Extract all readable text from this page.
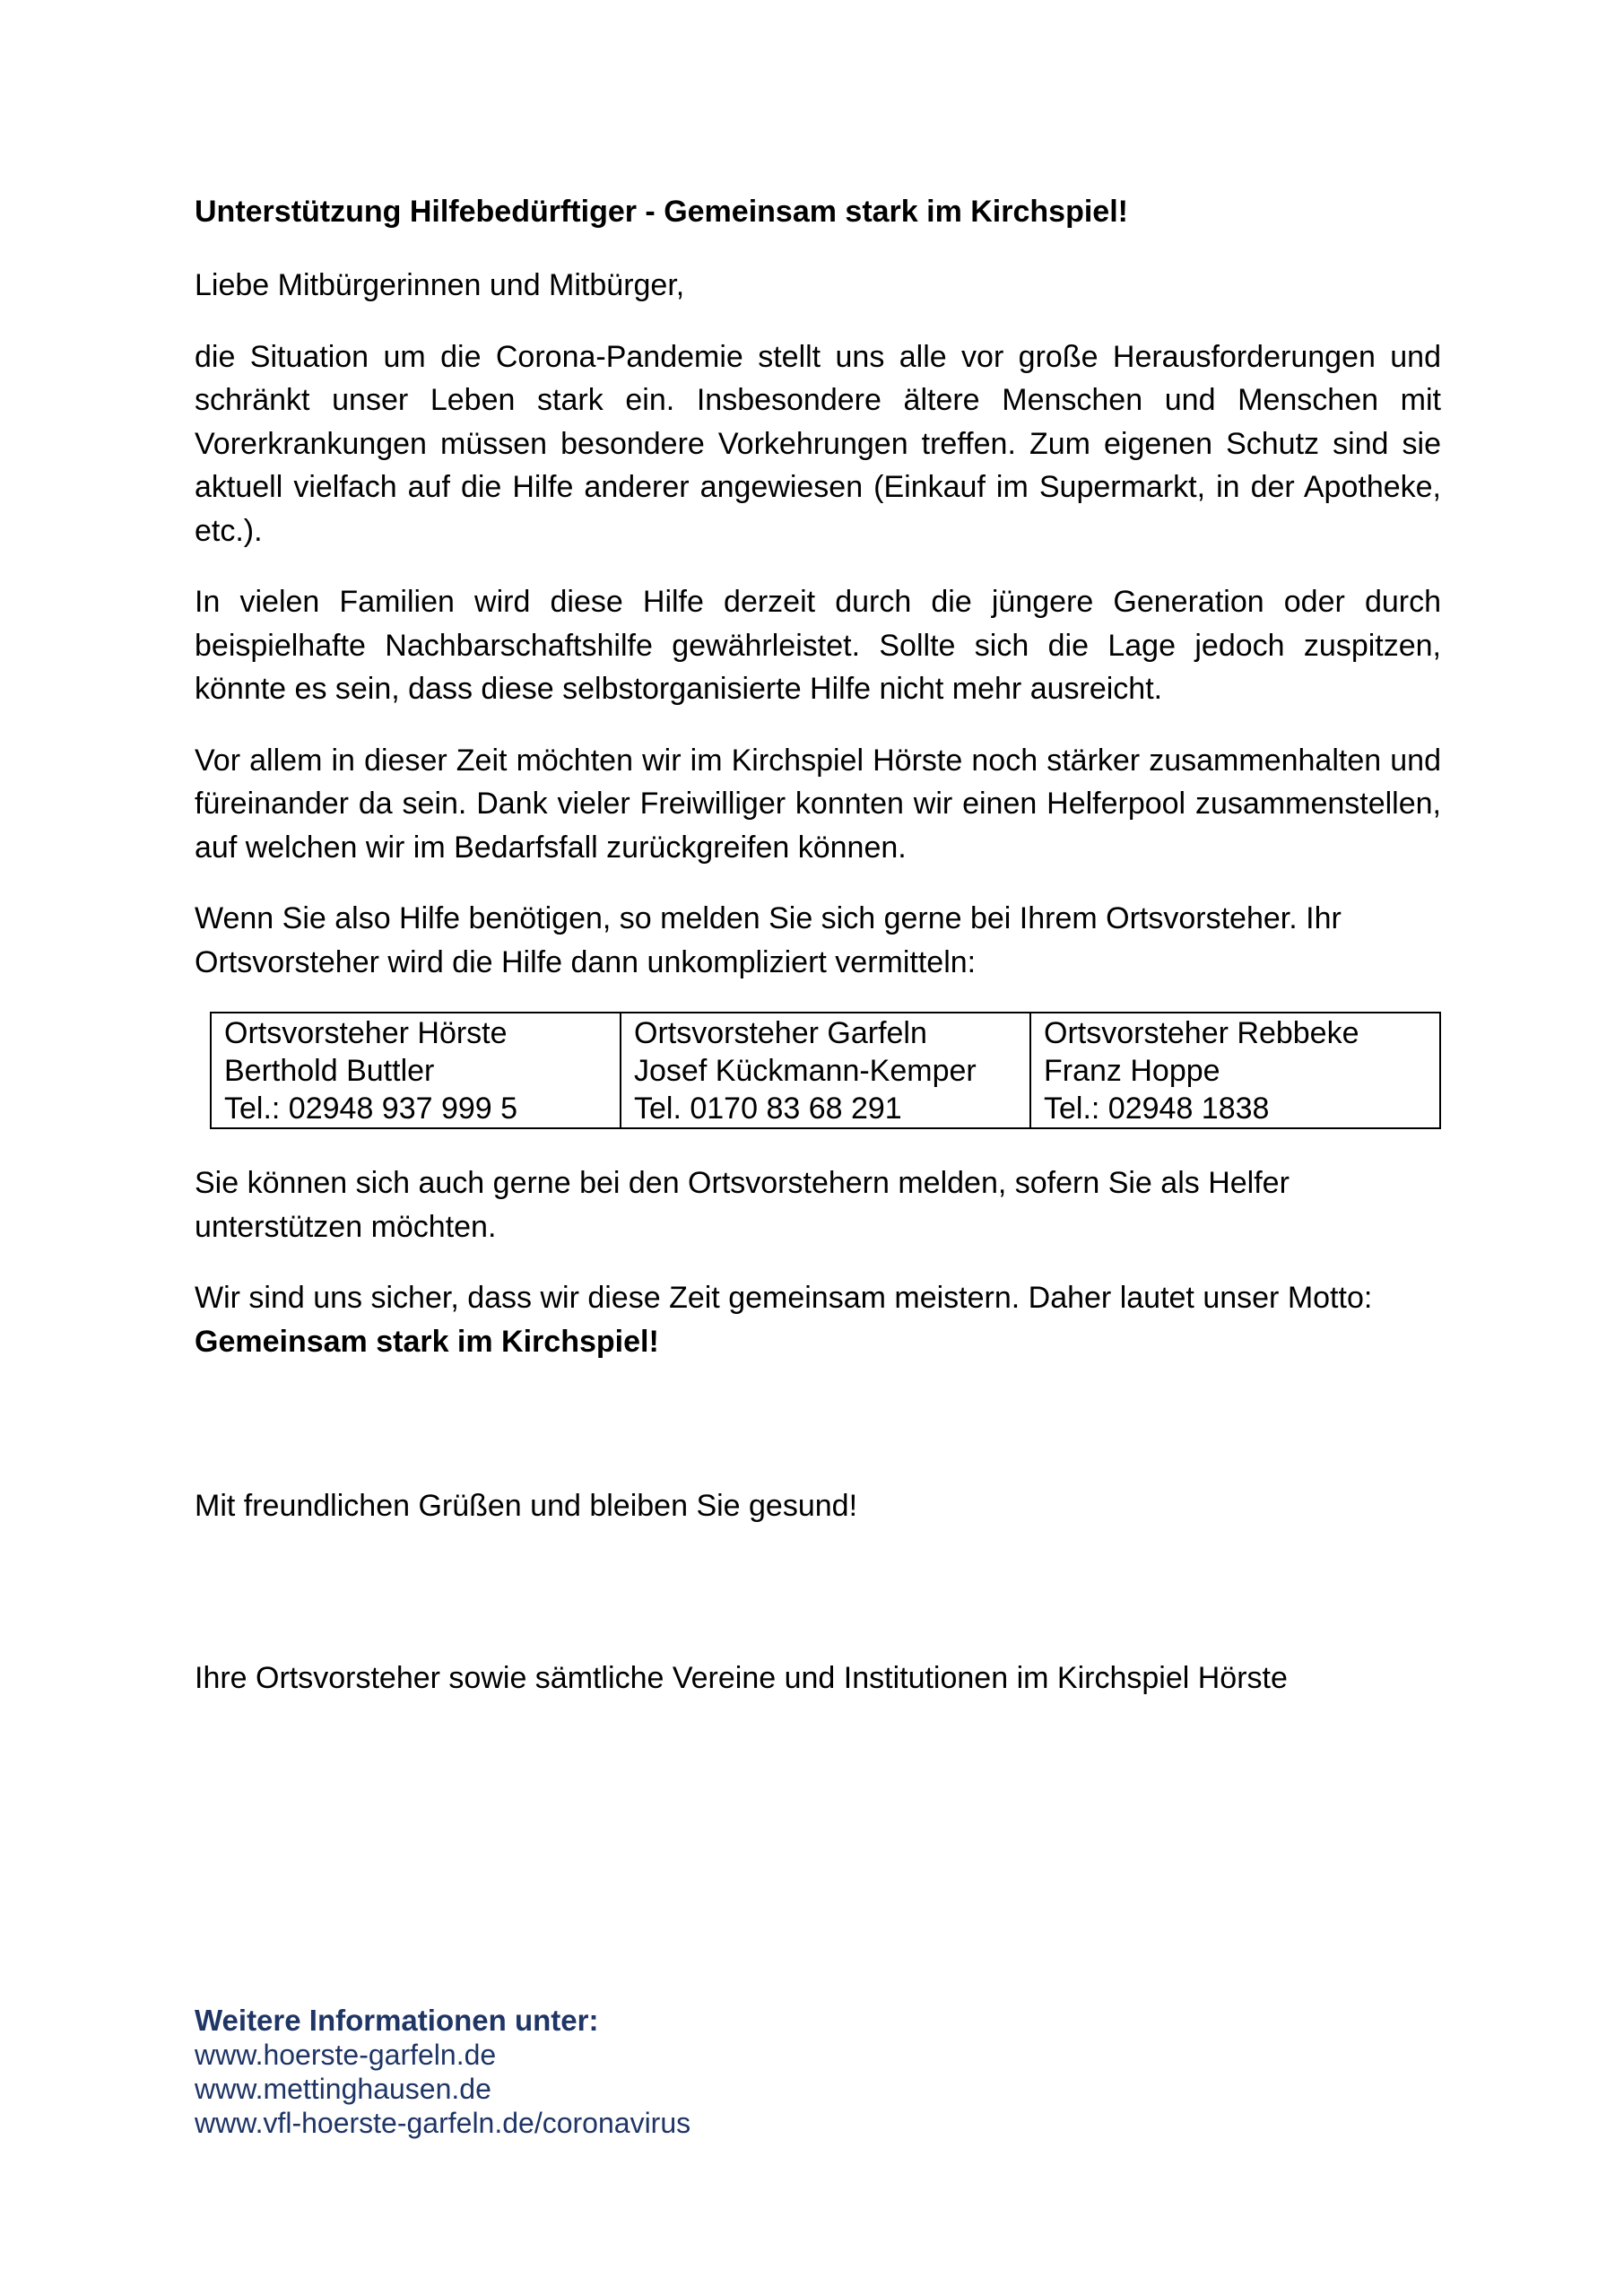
Unterstützung Hilfebedürftiger - Gemeinsam stark im Kirchspiel!
Liebe Mitbürgerinnen und Mitbürger,
die Situation um die Corona-Pandemie stellt uns alle vor große Herausforderungen und schränkt unser Leben stark ein. Insbesondere ältere Menschen und Menschen mit Vorerkrankungen müssen besondere Vorkehrungen treffen. Zum eigenen Schutz sind sie aktuell vielfach auf die Hilfe anderer angewiesen (Einkauf im Supermarkt, in der Apotheke, etc.).
In vielen Familien wird diese Hilfe derzeit durch die jüngere Generation oder durch beispielhafte Nachbarschaftshilfe gewährleistet. Sollte sich die Lage jedoch zuspitzen, könnte es sein, dass diese selbstorganisierte Hilfe nicht mehr ausreicht.
Vor allem in dieser Zeit möchten wir im Kirchspiel Hörste noch stärker zusammenhalten und füreinander da sein. Dank vieler Freiwilliger konnten wir einen Helferpool zusammenstellen, auf welchen wir im Bedarfsfall zurückgreifen können.
Wenn Sie also Hilfe benötigen, so melden Sie sich gerne bei Ihrem Ortsvorsteher. Ihr Ortsvorsteher wird die Hilfe dann unkompliziert vermitteln:
Ortsvorsteher Hörste
Berthold Buttler
Tel.: 02948 937 999 5

Ortsvorsteher Garfeln
Josef Kückmann-Kemper
Tel. 0170 83 68 291

Ortsvorsteher Rebbeke
Franz Hoppe
Tel.: 02948 1838
Sie können sich auch gerne bei den Ortsvorstehern melden, sofern Sie als Helfer unterstützen möchten.
Wir sind uns sicher, dass wir diese Zeit gemeinsam meistern. Daher lautet unser Motto: Gemeinsam stark im Kirchspiel!
Mit freundlichen Grüßen und bleiben Sie gesund!
Ihre Ortsvorsteher sowie sämtliche Vereine und Institutionen im Kirchspiel Hörste
Weitere Informationen unter:
www.hoerste-garfeln.de
www.mettinghausen.de
www.vfl-hoerste-garfeln.de/coronavirus
